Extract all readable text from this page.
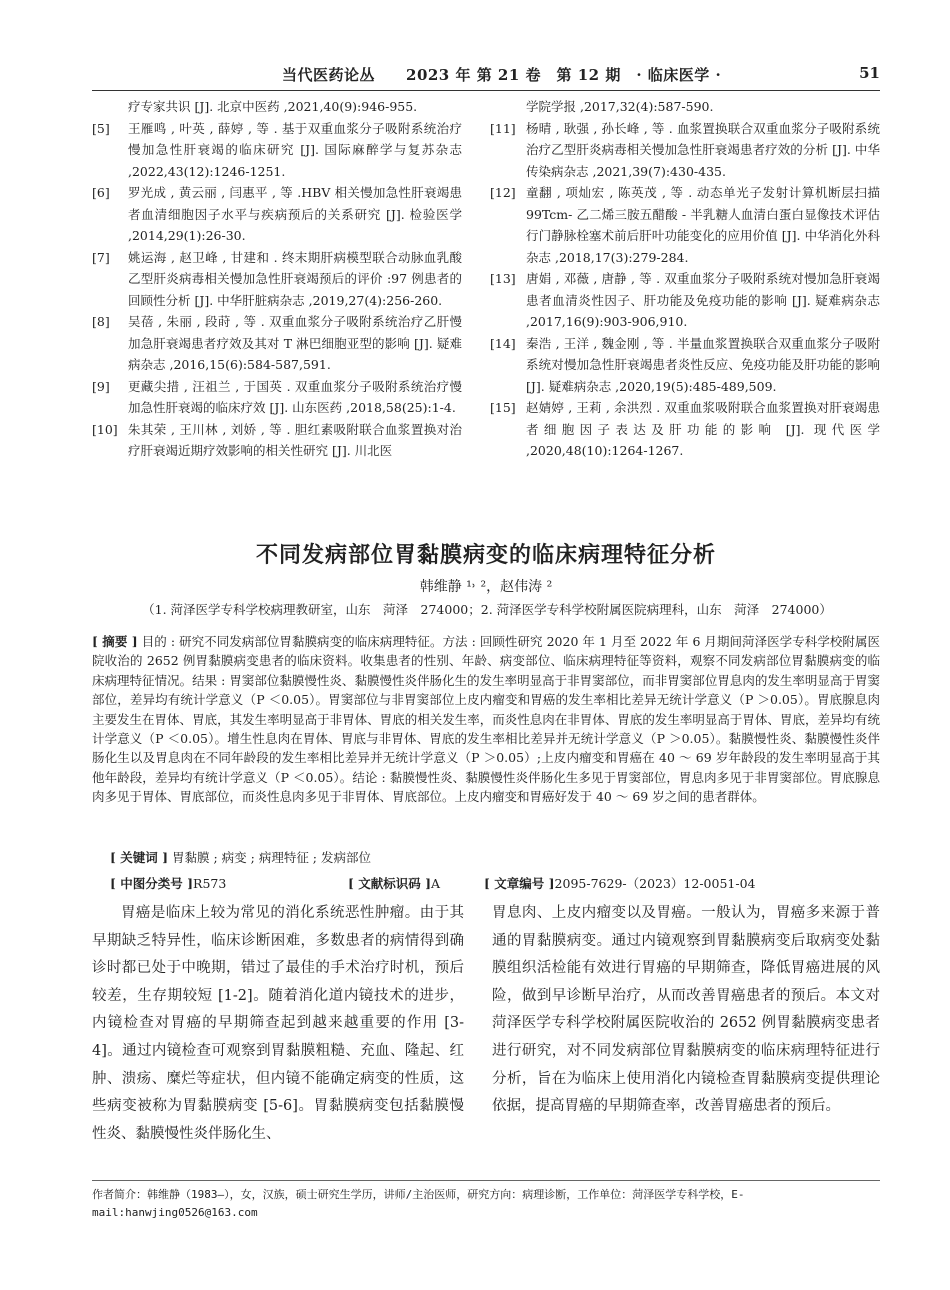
当代医药论丛　　2023 年 第 21 卷　第 12 期　· 临床医学 ·	51
疗专家共识 [J]. 北京中医药 ,2021,40(9):946-955.
[5]	王雁鸣 , 叶英 , 薛婷 , 等 . 基于双重血浆分子吸附系统治疗慢加急性肝衰竭的临床研究 [J]. 国际麻醉学与复苏杂志 ,2022,43(12):1246-1251.
[6]	罗光成 , 黄云丽 , 闫惠平 , 等 .HBV 相关慢加急性肝衰竭患者血清细胞因子水平与疾病预后的关系研究 [J]. 检验医学 ,2014,29(1):26-30.
[7]	姚运海 , 赵卫峰 , 甘建和 . 终末期肝病模型联合动脉血乳酸乙型肝炎病毒相关慢加急性肝衰竭预后的评价 :97 例患者的回顾性分析 [J]. 中华肝脏病杂志 ,2019,27(4):256-260.
[8]	吴蓓 , 朱丽 , 段莳 , 等 . 双重血浆分子吸附系统治疗乙肝慢加急肝衰竭患者疗效及其对 T 淋巴细胞亚型的影响 [J]. 疑难病杂志 ,2016,15(6):584-587,591.
[9]	更藏尖措 , 汪祖兰 , 于国英 . 双重血浆分子吸附系统治疗慢加急性肝衰竭的临床疗效 [J]. 山东医药 ,2018,58(25):1-4.
[10] 朱其荣 , 王川林 , 刘娇 , 等 . 胆红素吸附联合血浆置换对治疗肝衰竭近期疗效影响的相关性研究 [J]. 川北医
学院学报 ,2017,32(4):587-590.
[11] 杨晴 , 耿强 , 孙长峰 , 等 . 血浆置换联合双重血浆分子吸附系统治疗乙型肝炎病毒相关慢加急性肝衰竭患者疗效的分析 [J]. 中华传染病杂志 ,2021,39(7):430-435.
[12] 童翻 , 项灿宏 , 陈英茂 , 等 . 动态单光子发射计算机断层扫描 99Tcm- 乙二烯三胺五醋酸 - 半乳糖人血清白蛋白显像技术评估行门静脉栓塞术前后肝叶功能变化的应用价值 [J]. 中华消化外科杂志 ,2018,17(3):279-284.
[13] 唐娟 , 邓薇 , 唐静 , 等 . 双重血浆分子吸附系统对慢加急肝衰竭患者血清炎性因子、肝功能及免疫功能的影响 [J]. 疑难病杂志 ,2017,16(9):903-906,910.
[14] 秦浩 , 王洋 , 魏金刚 , 等 . 半量血浆置换联合双重血浆分子吸附系统对慢加急性肝衰竭患者炎性反应、免疫功能及肝功能的影响 [J]. 疑难病杂志 ,2020,19(5):485-489,509.
[15] 赵婧婷 , 王莉 , 余洪烈 . 双重血浆吸附联合血浆置换对肝衰竭患者细胞因子表达及肝功能的影响 [J]. 现代医学 ,2020,48(10):1264-1267.
不同发病部位胃黏膜病变的临床病理特征分析
韩维静 ¹˒ ²，赵伟涛 ²
（1. 菏泽医学专科学校病理教研室，山东　菏泽　274000；2. 菏泽医学专科学校附属医院病理科，山东　菏泽　274000）
[ 摘要 ] 目的 : 研究不同发病部位胃黏膜病变的临床病理特征。方法 : 回顾性研究 2020 年 1 月至 2022 年 6 月期间菏泽医学专科学校附属医院收治的 2652 例胃黏膜病变患者的临床资料。收集患者的性别、年龄、病变部位、临床病理特征等资料，观察不同发病部位胃黏膜病变的临床病理特征情况。结果 : 胃窦部位黏膜慢性炎、黏膜慢性炎伴肠化生的发生率明显高于非胃窦部位，而非胃窦部位胃息肉的发生率明显高于胃窦部位，差异均有统计学意义（P ＜0.05）。胃窦部位与非胃窦部位上皮内瘤变和胃癌的发生率相比差异无统计学意义（P ＞0.05）。胃底腺息肉主要发生在胃体、胃底，其发生率明显高于非胃体、胃底的相关发生率，而炎性息肉在非胃体、胃底的发生率明显高于胃体、胃底，差异均有统计学意义（P ＜0.05）。增生性息肉在胃体、胃底与非胃体、胃底的发生率相比差异并无统计学意义（P ＞0.05）。黏膜慢性炎、黏膜慢性炎伴肠化生以及胃息肉在不同年龄段的发生率相比差异并无统计学意义（P ＞0.05）;上皮内瘤变和胃癌在 40 ～ 69 岁年龄段的发生率明显高于其他年龄段，差异均有统计学意义（P ＜0.05）。结论 : 黏膜慢性炎、黏膜慢性炎伴肠化生多见于胃窦部位，胃息肉多见于非胃窦部位。胃底腺息肉多见于胃体、胃底部位，而炎性息肉多见于非胃体、胃底部位。上皮内瘤变和胃癌好发于 40 ～ 69 岁之间的患者群体。
[ 关键词 ] 胃黏膜 ; 病变 ; 病理特征 ; 发病部位
[ 中图分类号 ]R573	[ 文献标识码 ]A	[ 文章编号 ]2095-7629-（2023）12-0051-04

胃癌是临床上较为常见的消化系统恶性肿瘤。由于其早期缺乏特异性，临床诊断困难，多数患者的病情得到确诊时都已处于中晚期，错过了最佳的手术治疗时机，预后较差，生存期较短 [1-2]。随着消化道内镜技术的进步，内镜检查对胃癌的早期筛查起到越来越重要的作用 [3-4]。通过内镜检查可观察到胃黏膜粗糙、充血、隆起、红肿、溃疡、糜烂等症状，但内镜不能确定病变的性质，这些病变被称为胃黏膜病变 [5-6]。胃黏膜病变包括黏膜慢性炎、黏膜慢性炎伴肠化生、

胃息肉、上皮内瘤变以及胃癌。一般认为，胃癌多来源于普通的胃黏膜病变。通过内镜观察到胃黏膜病变后取病变处黏膜组织活检能有效进行胃癌的早期筛查，降低胃癌进展的风险，做到早诊断早治疗，从而改善胃癌患者的预后。本文对菏泽医学专科学校附属医院收治的 2652 例胃黏膜病变患者进行研究，对不同发病部位胃黏膜病变的临床病理特征进行分析，旨在为临床上使用消化内镜检查胃黏膜病变提供理论依据，提高胃癌的早期筛查率，改善胃癌患者的预后。

作者简介：韩维静（1983—），女，汉族，硕士研究生学历，讲师/主治医师，研究方向：病理诊断，工作单位：菏泽医学专科学校，E-mail:hanwjing0526@163.com
